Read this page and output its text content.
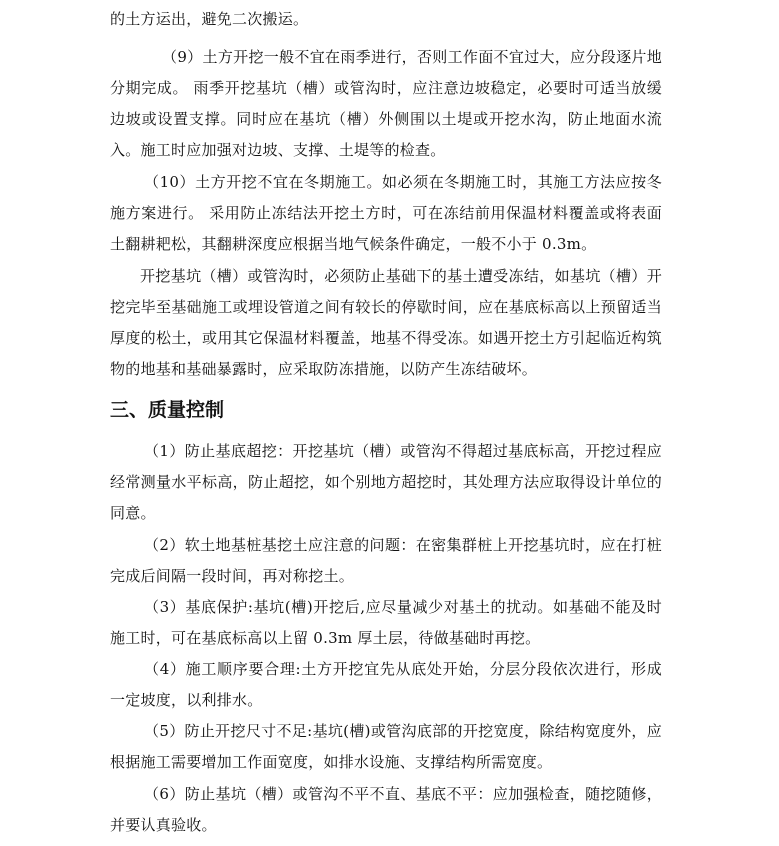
的土方运出，避免二次搬运。

（9）土方开挖一般不宜在雨季进行，否则工作面不宜过大，应分段逐片地分期完成。 雨季开挖基坑（槽）或管沟时，应注意边坡稳定，必要时可适当放缓边坡或设置支撑。同时应在基坑（槽）外侧围以土堤或开挖水沟，防止地面水流入。施工时应加强对边坡、支撑、土堤等的检查。

（10）土方开挖不宜在冬期施工。如必须在冬期施工时，其施工方法应按冬施方案进行。 采用防止冻结法开挖土方时，可在冻结前用保温材料覆盖或将表面土翻耕耙松，其翻耕深度应根据当地气候条件确定，一般不小于 0.3m。

开挖基坑（槽）或管沟时，必须防止基础下的基土遭受冻结，如基坑（槽）开挖完毕至基础施工或埋设管道之间有较长的停歇时间，应在基底标高以上预留适当厚度的松土，或用其它保温材料覆盖，地基不得受冻。如遇开挖土方引起临近构筑物的地基和基础暴露时，应采取防冻措施，以防产生冻结破坏。

三、质量控制

（1）防止基底超挖：开挖基坑（槽）或管沟不得超过基底标高，开挖过程应经常测量水平标高，防止超挖，如个别地方超挖时，其处理方法应取得设计单位的同意。

（2）软土地基桩基挖土应注意的问题：在密集群桩上开挖基坑时，应在打桩完成后间隔一段时间，再对称挖土。

（3）基底保护:基坑(槽)开挖后,应尽量减少对基土的扰动。如基础不能及时施工时，可在基底标高以上留 0.3m 厚土层，待做基础时再挖。

（4）施工顺序要合理:土方开挖宜先从底处开始，分层分段依次进行，形成一定坡度，以利排水。

（5）防止开挖尺寸不足:基坑(槽)或管沟底部的开挖宽度，除结构宽度外，应根据施工需要增加工作面宽度，如排水设施、支撑结构所需宽度。

（6）防止基坑（槽）或管沟不平不直、基底不平：应加强检查，随挖随修，并要认真验收。
